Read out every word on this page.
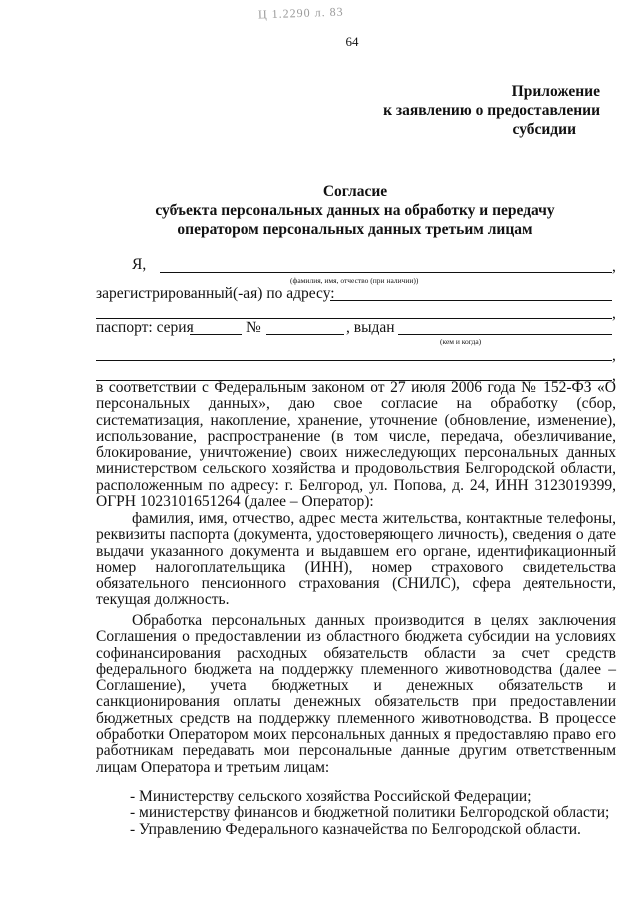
Ц 1.2290 л. 83
64
Приложение
к заявлению о предоставлении
субсидии
Согласие
субъекта персональных данных на обработку и передачу
оператором персональных данных третьим лицам
Я,	,
(фамилия, имя, отчество (при наличии))
зарегистрированный(-ая) по адресу:
,
паспорт: серия	№	, выдан
(кем и когда)
,
,
в соответствии с Федеральным законом от 27 июля 2006 года № 152-ФЗ «О персональных данных», даю свое согласие на обработку (сбор, систематизация, накопление, хранение, уточнение (обновление, изменение), использование, распространение (в том числе, передача, обезличивание, блокирование, уничтожение) своих нижеследующих персональных данных министерством сельского хозяйства и продовольствия Белгородской области, расположенным по адресу: г. Белгород, ул. Попова, д. 24, ИНН 3123019399, ОГРН 1023101651264 (далее – Оператор):
фамилия, имя, отчество, адрес места жительства, контактные телефоны, реквизиты паспорта (документа, удостоверяющего личность), сведения о дате выдачи указанного документа и выдавшем его органе, идентификационный номер налогоплательщика (ИНН), номер страхового свидетельства обязательного пенсионного страхования (СНИЛС), сфера деятельности, текущая должность.
Обработка персональных данных производится в целях заключения Соглашения о предоставлении из областного бюджета субсидии на условиях софинансирования расходных обязательств области за счет средств федерального бюджета на поддержку племенного животноводства (далее – Соглашение), учета бюджетных и денежных обязательств и санкционирования оплаты денежных обязательств при предоставлении бюджетных средств на поддержку племенного животноводства. В процессе обработки Оператором моих персональных данных я предоставляю право его работникам передавать мои персональные данные другим ответственным лицам Оператора и третьим лицам:
- Министерству сельского хозяйства Российской Федерации;
- министерству финансов и бюджетной политики Белгородской области;
- Управлению Федерального казначейства по Белгородской области.
